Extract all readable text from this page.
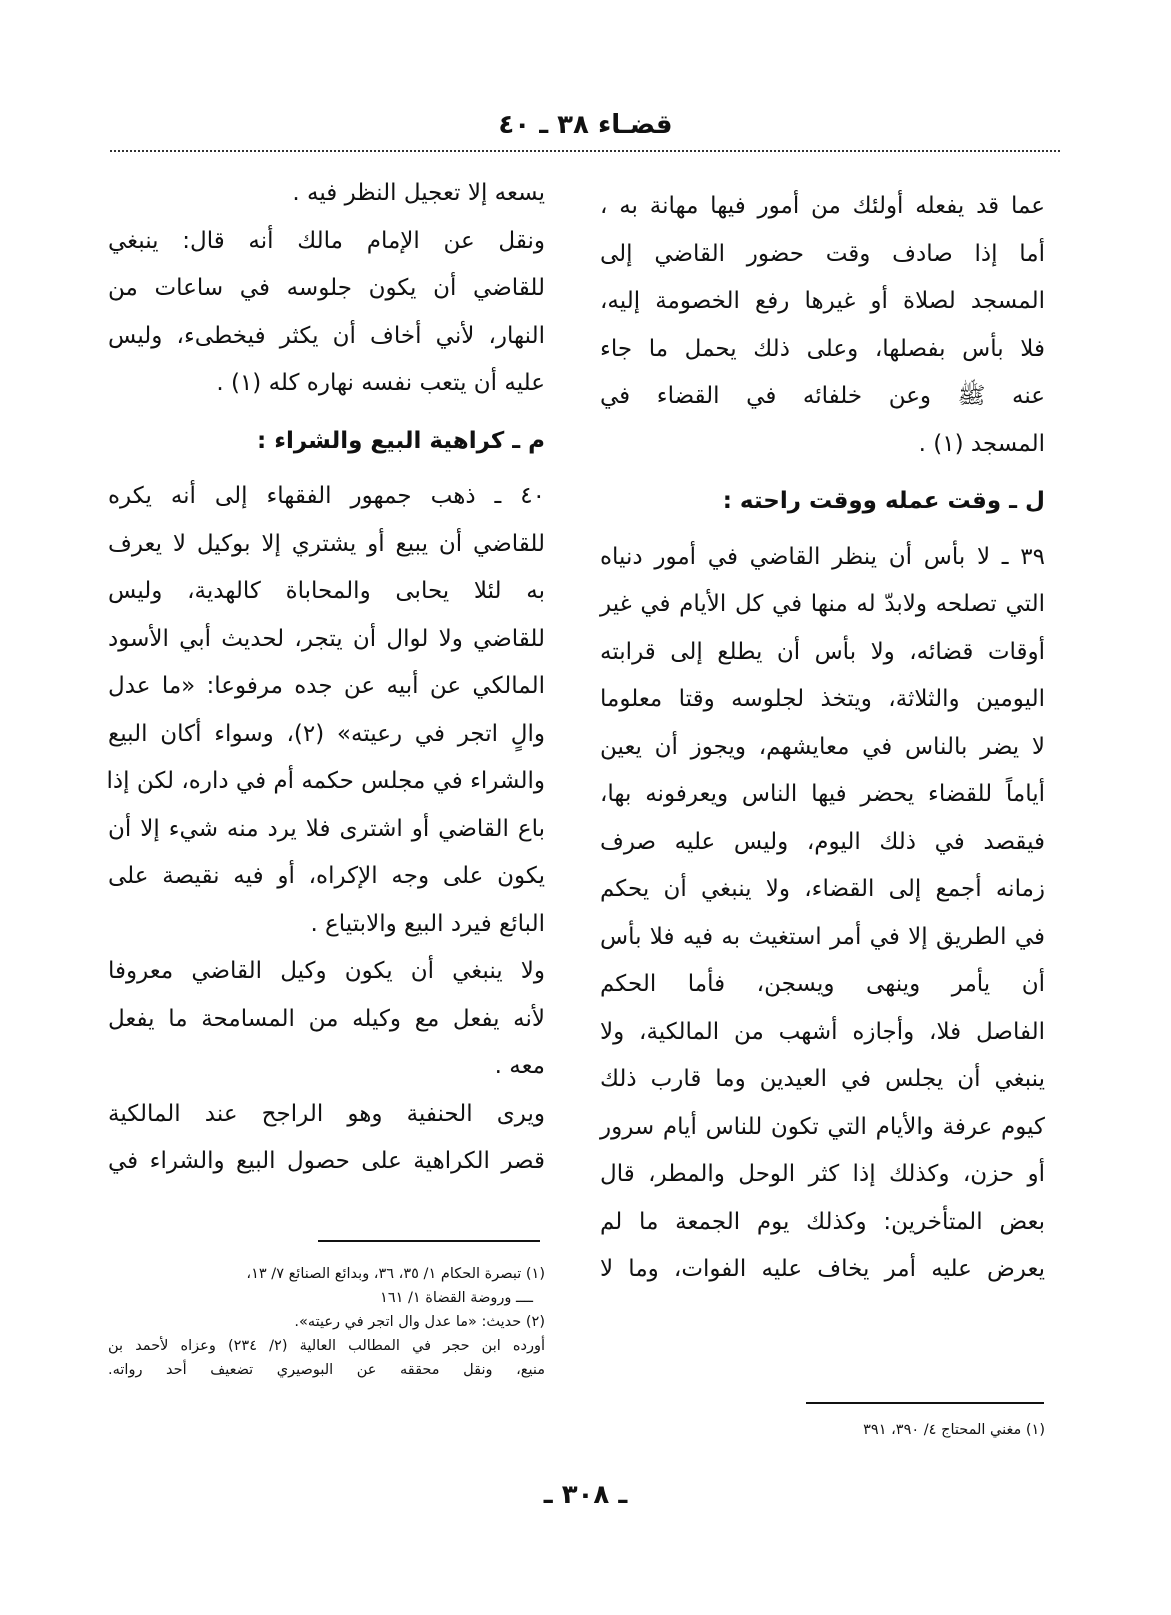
قضـاء ٣٨ ـ ٤٠
عما قد يفعله أولئك من أمور فيها مهانة به ،
أما إذا صادف وقت حضور القاضي إلى
المسجد لصلاة أو غيرها رفع الخصومة إليه،
فلا بأس بفصلها، وعلى ذلك يحمل ما جاء
عنه ﷺ وعن خلفائه في القضاء في
المسجد (١) .
ل ـ وقت عمله ووقت راحته :
٣٩ ـ لا بأس أن ينظر القاضي في أمور دنياه
التي تصلحه ولابدّ له منها في كل الأيام في غير
أوقات قضائه، ولا بأس أن يطلع إلى قرابته
اليومين والثلاثة، ويتخذ لجلوسه وقتا معلوما
لا يضر بالناس في معايشهم، ويجوز أن يعين
أياماً للقضاء يحضر فيها الناس ويعرفونه بها،
فيقصد في ذلك اليوم، وليس عليه صرف
زمانه أجمع إلى القضاء، ولا ينبغي أن يحكم
في الطريق إلا في أمر استغيث به فيه فلا بأس
أن يأمر وينهى ويسجن، فأما الحكم
الفاصل فلا، وأجازه أشهب من المالكية، ولا
ينبغي أن يجلس في العيدين وما قارب ذلك
كيوم عرفة والأيام التي تكون للناس أيام سرور
أو حزن، وكذلك إذا كثر الوحل والمطر، قال
بعض المتأخرين: وكذلك يوم الجمعة ما لم
يعرض عليه أمر يخاف عليه الفوات، وما لا
يسعه إلا تعجيل النظر فيه .
ونقل عن الإمام مالك أنه قال: ينبغي
للقاضي أن يكون جلوسه في ساعات من
النهار، لأني أخاف أن يكثر فيخطىء، وليس
عليه أن يتعب نفسه نهاره كله (١) .
م ـ كراهية البيع والشراء :
٤٠ ـ ذهب جمهور الفقهاء إلى أنه يكره
للقاضي أن يبيع أو يشتري إلا بوكيل لا يعرف
به لئلا يحابى والمحاباة كالهدية، وليس
للقاضي ولا لوال أن يتجر، لحديث أبي الأسود
المالكي عن أبيه عن جده مرفوعا: «ما عدل
والٍ اتجر في رعيته» (٢)، وسواء أكان البيع
والشراء في مجلس حكمه أم في داره، لكن إذا
باع القاضي أو اشترى فلا يرد منه شيء إلا أن
يكون على وجه الإكراه، أو فيه نقيصة على
البائع فيرد البيع والابتياع .
ولا ينبغي أن يكون وكيل القاضي معروفا
لأنه يفعل مع وكيله من المسامحة ما يفعل
معه .
ويرى الحنفية وهو الراجح عند المالكية
قصر الكراهية على حصول البيع والشراء في
(١) تبصرة الحكام ١/ ٣٥، ٣٦، وبدائع الصنائع ٧/ ١٣،
ــــ وروضة القضاة ١/ ١٦١
(٢) حديث: «ما عدل وال اتجر في رعيته».
أورده ابن حجر في المطالب العالية (٢/ ٢٣٤) وعزاه لأحمد بن
منيع، ونقل محققه عن البوصيري تضعيف أحد رواته.
(١) مغني المحتاج ٤/ ٣٩٠، ٣٩١
ـ ٣٠٨ ـ
